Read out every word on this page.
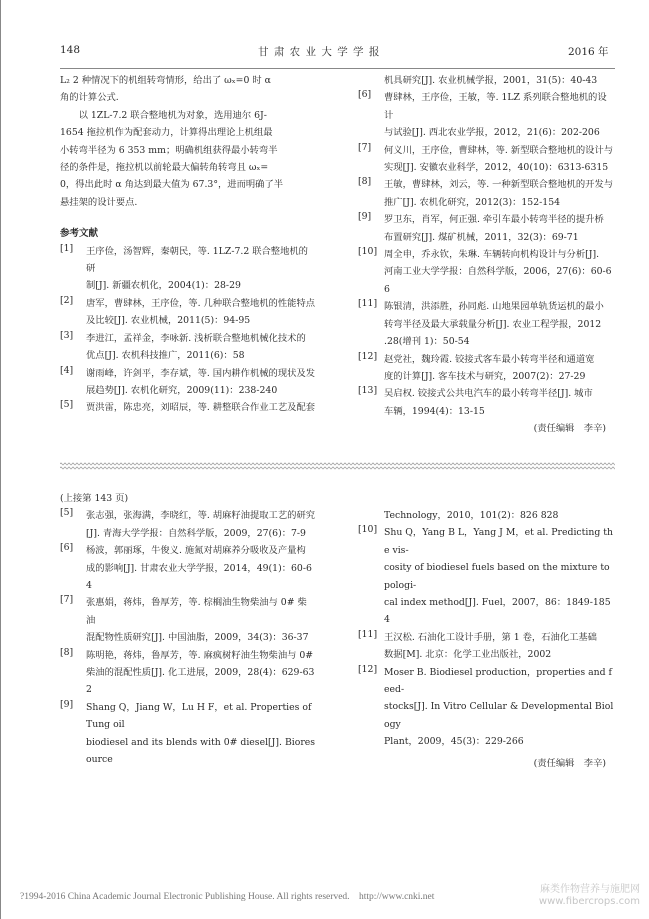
148	甘 肃 农 业 大 学 学 报	2016 年
L₂ 2 种情况下的机组转弯情形，给出了 ωₓ=0 时 α
角的计算公式.
　　以 1ZL-7.2 联合整地机为对象，选用迪尔 6J-
1654 拖拉机作为配套动力，计算得出理论上机组最
小转弯半径为 6 353 mm；明确机组获得最小转弯半
径的条件是，拖拉机以前轮最大偏转角转弯且 ωₓ=
0，得出此时 α 角达到最大值为 67.3°，进而明确了半
悬挂架的设计要点.
参考文献
[1]	王序俭，汤智辉，秦朝民，等. 1LZ-7.2 联合整地机的研
制[J]. 新疆农机化，2004(1)：28-29
[2]	唐军，曹肆林，王序俭，等. 几种联合整地机的性能特点
及比较[J]. 农业机械，2011(5)：94-95
[3]	李进江，孟祥金，李咏新. 浅析联合整地机械化技术的
优点[J]. 农机科技推广，2011(6)：58
[4]	谢雨峰，许剑平，李存斌，等. 国内耕作机械的现状及发
展趋势[J]. 农机化研究，2009(11)：238-240
[5]	贾洪雷，陈忠亮，刘昭辰，等. 耕整联合作业工艺及配套
机具研究[J]. 农业机械学报，2001，31(5)：40-43
[6]	曹肆林，王序俭，王敏，等. 1LZ 系列联合整地机的设计
与试验[J]. 西北农业学报，2012，21(6)：202-206
[7]	何义川，王序俭，曹肆林，等. 新型联合整地机的设计与
实现[J]. 安徽农业科学，2012，40(10)：6313-6315
[8]	王敏，曹肆林，刘云，等. 一种新型联合整地机的开发与
推广[J]. 农机化研究，2012(3)：152-154
[9]	罗卫东，肖军，何正强. 牵引车最小转弯半径的提升桥
布置研究[J]. 煤矿机械，2011，32(3)：69-71
[10] 周全申，乔永钦，朱琳. 车辆转向机构设计与分析[J].
河南工业大学学报：自然科学版，2006，27(6)：60-66
[11] 陈银清，洪添胜，孙同彪. 山地果园单轨货运机的最小
转弯半径及最大承载量分析[J]. 农业工程学报，2012
.28(增刊 1)：50-54
[12] 赵党社，魏玲霞. 铰接式客车最小转弯半径和通道宽
度的计算[J]. 客车技术与研究，2007(2)：27-29
[13] 吴启权. 铰接式公共电汽车的最小转弯半径[J]. 城市
车辆，1994(4)：13-15
(责任编辑　李辛)
(上接第 143 页)
[5]	张志强，张海满，李晓红，等. 胡麻籽油提取工艺的研究
[J]. 青海大学学报：自然科学版，2009，27(6)：7-9
[6]	杨波，郭丽琢，牛俊义. 施氮对胡麻养分吸收及产量构
成的影响[J]. 甘肃农业大学学报，2014，49(1)：60-64
[7]	张惠娟，蒋炜，鲁厚芳，等. 棕榈油生物柴油与 0# 柴油
混配物性质研究[J]. 中国油脂，2009，34(3)：36-37
[8]	陈明艳，蒋炜，鲁厚芳，等. 麻疯树籽油生物柴油与 0#
柴油的混配性质[J]. 化工进展，2009，28(4)：629-632
[9]	Shang Q，Jiang W，Lu H F，et al. Properties of Tung oil
biodiesel and its blends with 0# diesel[J]. Bioresource
Technology，2010，101(2)：826 828
[10] Shu Q，Yang B L，Yang J M，et al. Predicting the vis-
cosity of biodiesel fuels based on the mixture topologi-
cal index method[J]. Fuel，2007，86：1849-1854
[11] 王汉松. 石油化工设计手册，第 1 卷，石油化工基础
数据[M]. 北京：化学工业出版社，2002
[12] Moser B. Biodiesel production，properties and feed-
stocks[J]. In Vitro Cellular & Developmental Biology
Plant，2009，45(3)：229-266
(责任编辑　李辛)
?1994-2016 China Academic Journal Electronic Publishing House. All rights reserved.　http://www.cnki.net
麻类作物营养与施肥网
www.fibercrops.com
